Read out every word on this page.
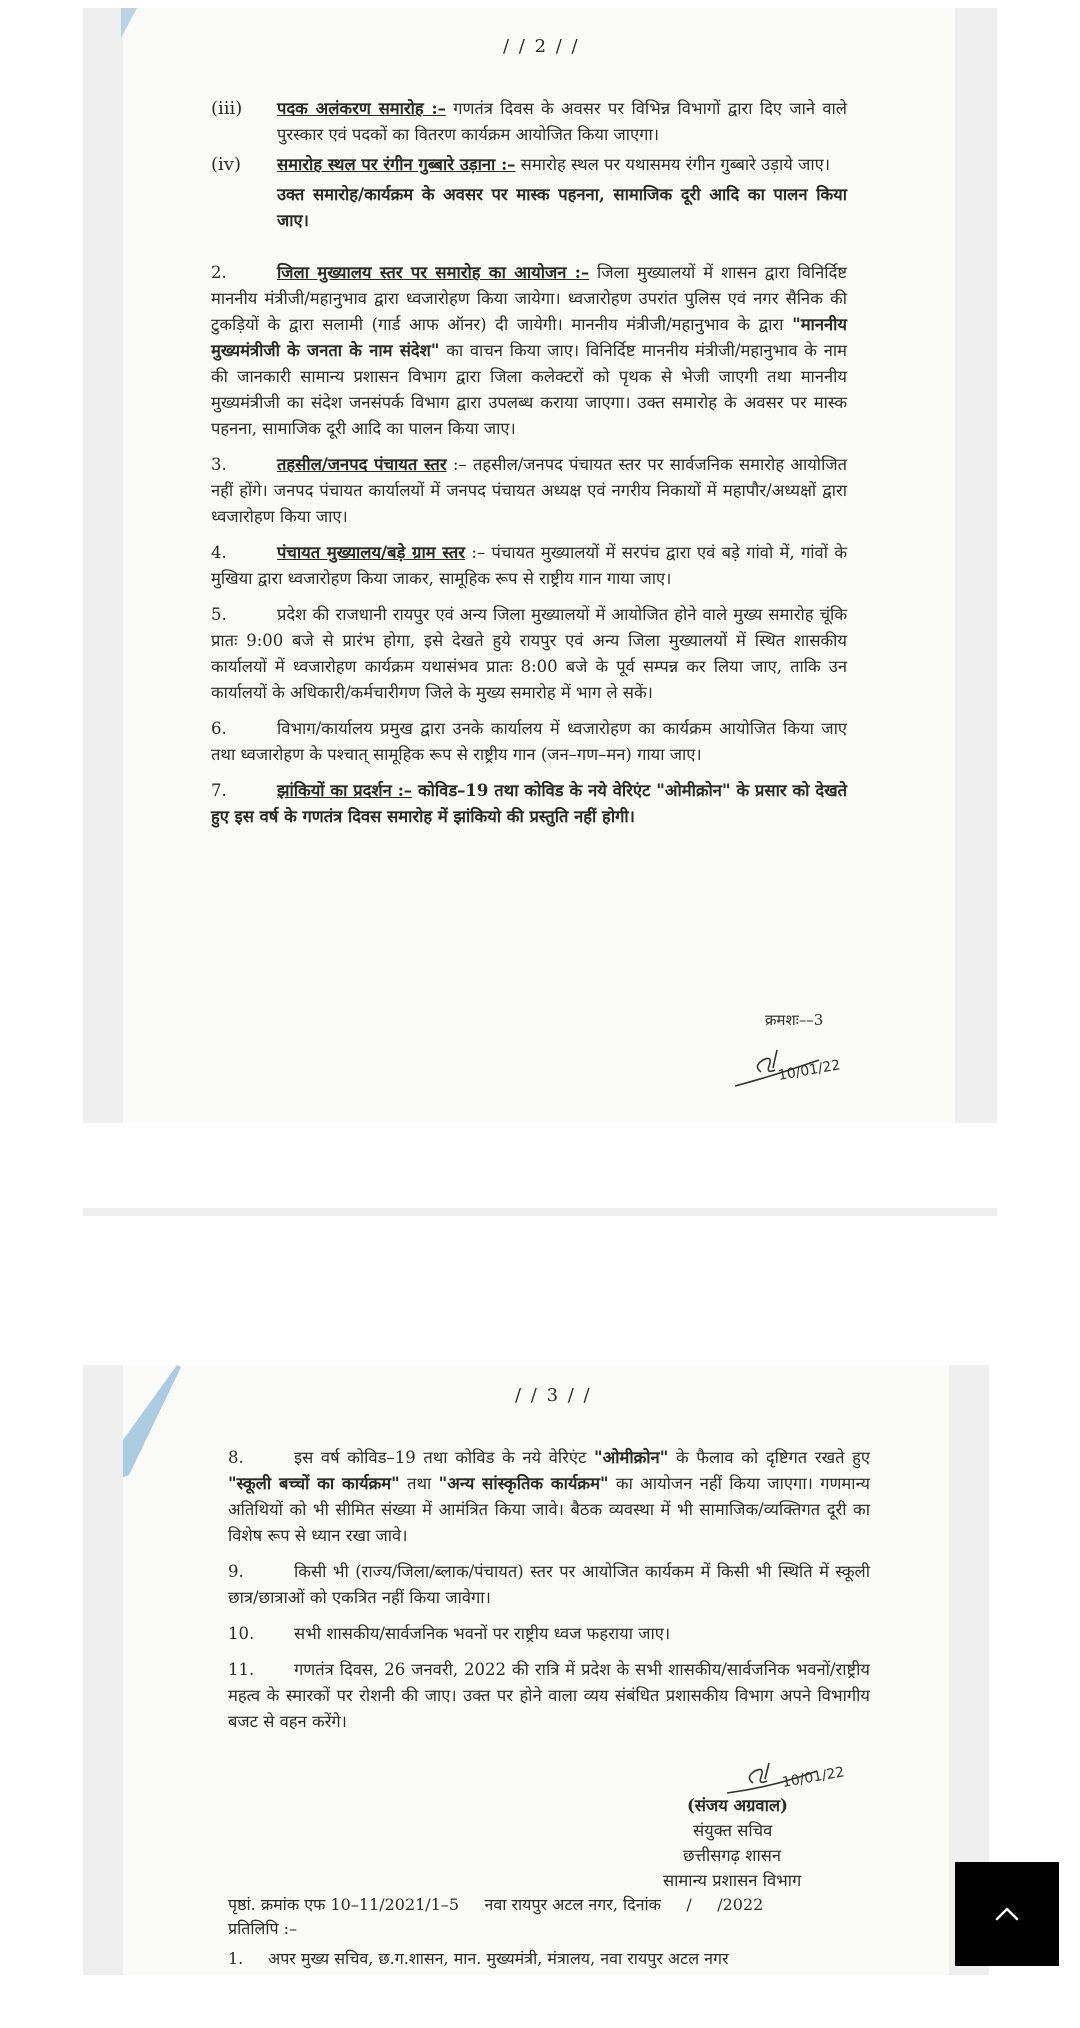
/ / 2 / /
(iii)	पदक अलंकरण समारोह :– गणतंत्र दिवस के अवसर पर विभिन्न विभागों द्वारा दिए जाने वाले पुरस्कार एवं पदकों का वितरण कार्यक्रम आयोजित किया जाएगा।
(iv)	समारोह स्थल पर रंगीन गुब्बारे उड़ाना :– समारोह स्थल पर यथासमय रंगीन गुब्बारे उड़ाये जाए।
उक्त समारोह/कार्यक्रम के अवसर पर मास्क पहनना, सामाजिक दूरी आदि का पालन किया जाए।

2.	जिला मुख्यालय स्तर पर समारोह का आयोजन :– जिला मुख्यालयों में शासन द्वारा विनिर्दिष्ट माननीय मंत्रीजी/महानुभाव द्वारा ध्वजारोहण किया जायेगा। ध्वजारोहण उपरांत पुलिस एवं नगर सैनिक की टुकड़ियों के द्वारा सलामी (गार्ड आफ ऑनर) दी जायेगी। माननीय मंत्रीजी/महानुभाव के द्वारा "माननीय मुख्यमंत्रीजी के जनता के नाम संदेश" का वाचन किया जाए। विनिर्दिष्ट माननीय मंत्रीजी/महानुभाव के नाम की जानकारी सामान्य प्रशासन विभाग द्वारा जिला कलेक्टरों को पृथक से भेजी जाएगी तथा माननीय मुख्यमंत्रीजी का संदेश जनसंपर्क विभाग द्वारा उपलब्ध कराया जाएगा। उक्त समारोह के अवसर पर मास्क पहनना, सामाजिक दूरी आदि का पालन किया जाए।

3.	तहसील/जनपद पंचायत स्तर :– तहसील/जनपद पंचायत स्तर पर सार्वजनिक समारोह आयोजित नहीं होंगे। जनपद पंचायत कार्यालयों में जनपद पंचायत अध्यक्ष एवं नगरीय निकायों में महापौर/अध्यक्षों द्वारा ध्वजारोहण किया जाए।

4.	पंचायत मुख्यालय/बड़े ग्राम स्तर :– पंचायत मुख्यालयों में सरपंच द्वारा एवं बड़े गांवो में, गांवों के मुखिया द्वारा ध्वजारोहण किया जाकर, सामूहिक रूप से राष्ट्रीय गान गाया जाए।

5.	प्रदेश की राजधानी रायपुर एवं अन्य जिला मुख्यालयों में आयोजित होने वाले मुख्य समारोह चूंकि प्रातः 9:00 बजे से प्रारंभ होगा, इसे देखते हुये रायपुर एवं अन्य जिला मुख्यालयों में स्थित शासकीय कार्यालयों में ध्वजारोहण कार्यक्रम यथासंभव प्रातः 8:00 बजे के पूर्व सम्पन्न कर लिया जाए, ताकि उन कार्यालयों के अधिकारी/कर्मचारीगण जिले के मुख्य समारोह में भाग ले सकें।

6.	विभाग/कार्यालय प्रमुख द्वारा उनके कार्यालय में ध्वजारोहण का कार्यक्रम आयोजित किया जाए तथा ध्वजारोहण के पश्चात् सामूहिक रूप से राष्ट्रीय गान (जन–गण–मन) गाया जाए।

7.	झांकियों का प्रदर्शन :– कोविड–19 तथा कोविड के नये वेरिएंट "ओमीक्रोन" के प्रसार को देखते हुए इस वर्ष के गणतंत्र दिवस समारोह में झांकियो की प्रस्तुति नहीं होगी।

क्रमशः––3
10/01/22
/ / 3 / /

8.	इस वर्ष कोविड–19 तथा कोविड के नये वेरिएंट "ओमीक्रोन" के फैलाव को दृष्टिगत रखते हुए "स्कूली बच्चों का कार्यक्रम" तथा "अन्य सांस्कृतिक कार्यक्रम" का आयोजन नहीं किया जाएगा। गणमान्य अतिथियों को भी सीमित संख्या में आमंत्रित किया जावे। बैठक व्यवस्था में भी सामाजिक/व्यक्तिगत दूरी का विशेष रूप से ध्यान रखा जावे।

9.	किसी भी (राज्य/जिला/ब्लाक/पंचायत) स्तर पर आयोजित कार्यकम में किसी भी स्थिति में स्कूली छात्र/छात्राओं को एकत्रित नहीं किया जावेगा।

10. सभी शासकीय/सार्वजनिक भवनों पर राष्ट्रीय ध्वज फहराया जाए।

11. गणतंत्र दिवस, 26 जनवरी, 2022 की रात्रि में प्रदेश के सभी शासकीय/सार्वजनिक भवनों/राष्ट्रीय महत्व के स्मारकों पर रोशनी की जाए। उक्त पर होने वाला व्यय संबंधित प्रशासकीय विभाग अपने विभागीय बजट से वहन करेंगे।

10/01/22
(संजय अग्रवाल)
संयुक्त सचिव
छत्तीसगढ़ शासन
सामान्य प्रशासन विभाग
पृष्ठां. क्रमांक एफ 10–11/2021/1–5     नवा रायपुर अटल नगर, दिनांक     /     /2022
प्रतिलिपि :–
1. अपर मुख्य सचिव, छ.ग.शासन, मान. मुख्यमंत्री, मंत्रालय, नवा रायपुर अटल नगर
